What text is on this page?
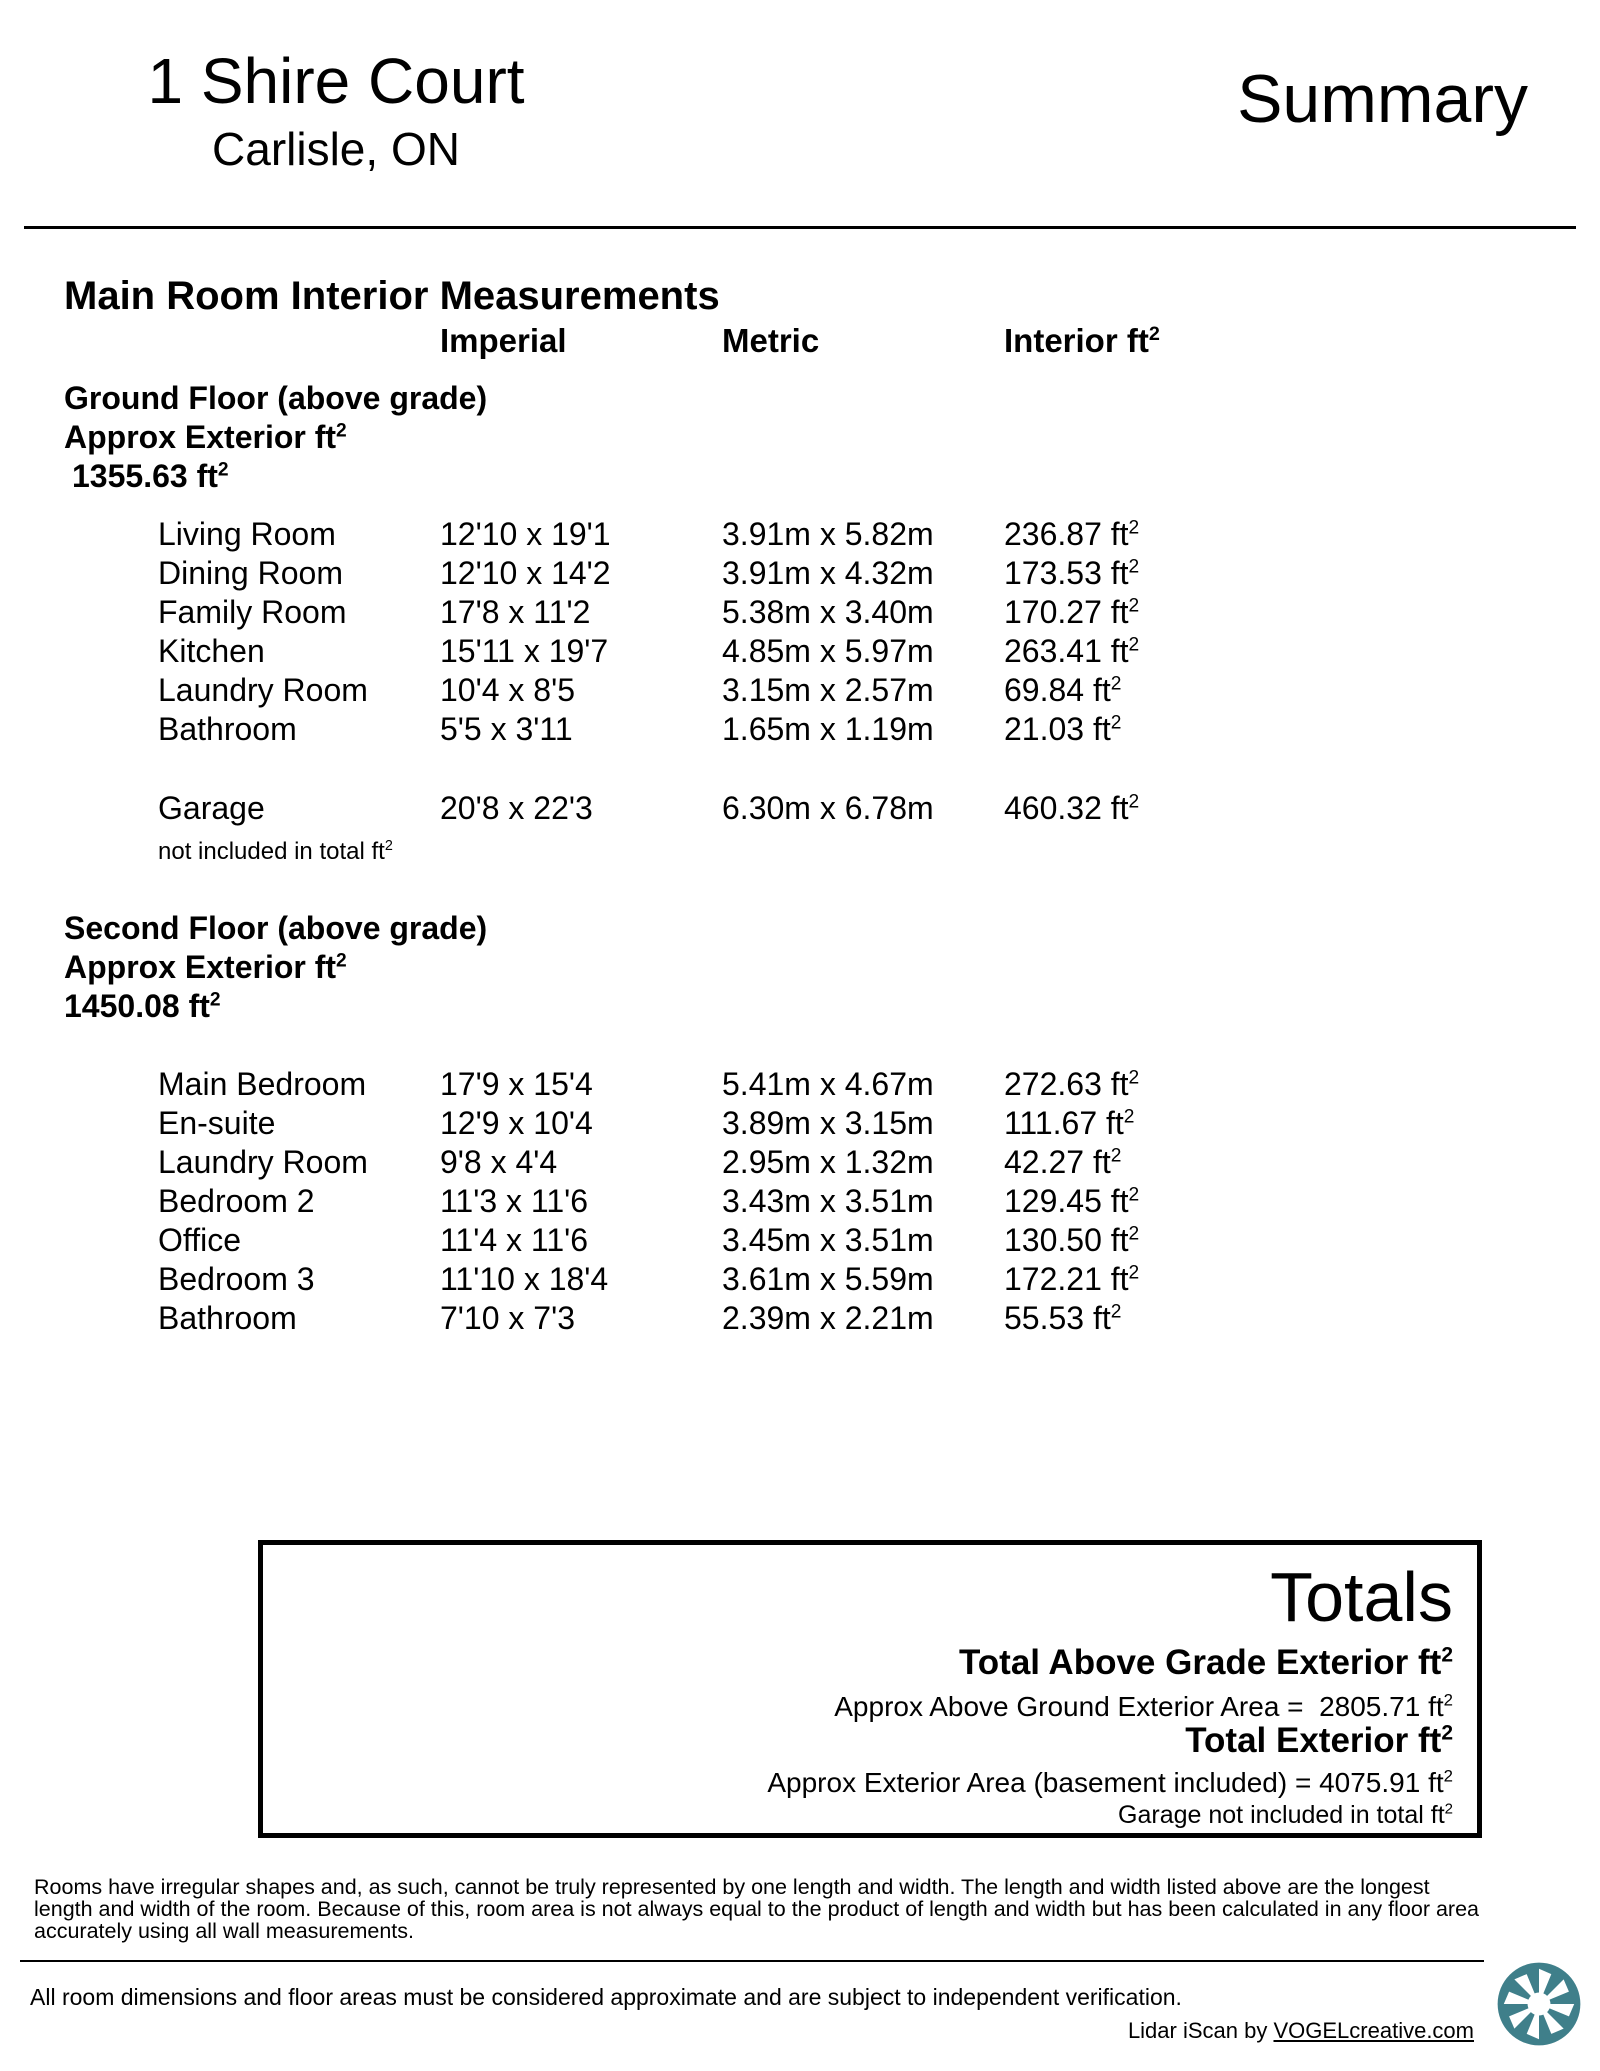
1 Shire Court
Carlisle, ON
Summary
Main Room Interior Measurements
Imperial	Metric	Interior $ft^2$
Ground Floor (above grade)
Approx Exterior $ft^2$
1355.63 $ft^2$
Living Room	12'10 x 19'1	3.91m x 5.82m 236.87 $ft^2$
Dining Room	12'10 x 14'2	3.91m x 4.32m 173.53 $ft^2$
Family Room	17'8 x 11'2	5.38m x 3.40m 170.27 $ft^2$
Kitchen	15'11 x 19'7	4.85m x 5.97m 263.41 $ft^2$
Laundry Room 10'4 x 8'5	3.15m x 2.57m 69.84 $ft^2$
Bathroom	5'5 x 3'11	1.65m x 1.19m 21.03 $ft^2$
Garage	20'8 x 22'3	6.30m x 6.78m 460.32 $ft^2$
not included in total $ft^2$
Second Floor (above grade)
Approx Exterior $ft^2$
1450.08 $ft^2$
Main Bedroom 17'9 x 15'4	5.41m x 4.67m 272.63 $ft^2$
En-suite	12'9 x 10'4	3.89m x 3.15m 111.67 $ft^2$
Laundry Room 9'8 x 4'4	2.95m x 1.32m 42.27 $ft^2$
Bedroom 2	11'3 x 11'6	3.43m x 3.51m 129.45 $ft^2$
Office	11'4 x 11'6	3.45m x 3.51m 130.50 $ft^2$
Bedroom 3	11'10 x 18'4	3.61m x 5.59m 172.21 $ft^2$
Bathroom	7'10 x 7'3	2.39m x 2.21m 55.53 $ft^2$
Totals
Total Above Grade Exterior $ft^2$
Approx Above Ground Exterior Area = 2805.71 $ft^2$
Total Exterior $ft^2$
Approx Exterior Area (basement included) = 4075.91 $ft^2$
Garage not included in total $ft^2$
Rooms have irregular shapes and, as such, cannot be truly represented by one length and width. The length and width listed above are the longest length and width of the room. Because of this, room area is not always equal to the product of length and width but has been calculated in any floor area accurately using all wall measurements.
All room dimensions and floor areas must be considered approximate and are subject to independent verification.
Lidar iScan by VOGELcreative.com
